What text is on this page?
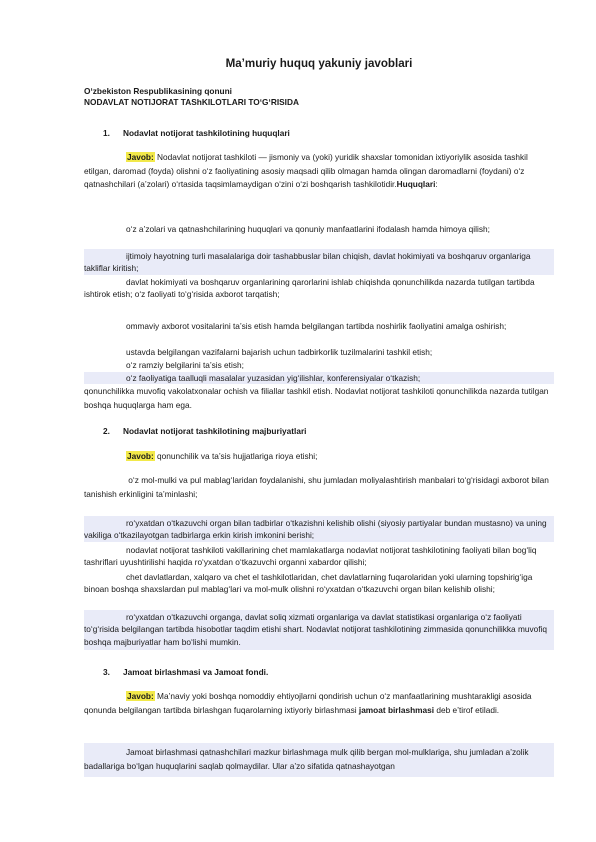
Ma’muriy huquq yakuniy javoblari
O‘zbekiston Respublikasining qonuni
NODAVLAT NOTIJORAT TAShKILOTLARI TO‘G‘RISIDA
1. Nodavlat notijorat tashkilotining huquqlari

Javob: Nodavlat notijorat tashkiloti — jismoniy va (yoki) yuridik shaxslar tomonidan ixtiyoriylik asosida tashkil etilgan, daromad (foyda) olishni o‘z faoliyatining asosiy maqsadi qilib olmagan hamda olingan daromadlarni (foydani) o‘z qatnashchilari (a’zolari) o‘rtasida taqsimlamaydigan o‘zini o‘zi boshqarish tashkilotidir.Huquqlari:

o‘z a’zolari va qatnashchilarining huquqlari va qonuniy manfaatlarini ifodalash hamda himoya qilish;

ijtimoiy hayotning turli masalalariga doir tashabbuslar bilan chiqish, davlat hokimiyati va boshqaruv organlariga takliflar kiritish;

davlat hokimiyati va boshqaruv organlarining qarorlarini ishlab chiqishda qonunchilikda nazarda tutilgan tartibda ishtirok etish; o‘z faoliyati to‘g‘risida axborot tarqatish;

ommaviy axborot vositalarini ta’sis etish hamda belgilangan tartibda noshirlik faoliyatini amalga oshirish;

ustavda belgilangan vazifalarni bajarish uchun tadbirkorlik tuzilmalarini tashkil etish;

o‘z ramziy belgilarini ta’sis etish;

o‘z faoliyatiga taalluqli masalalar yuzasidan yig‘ilishlar, konferensiyalar o‘tkazish;

qonunchilikka muvofiq vakolatxonalar ochish va filiallar tashkil etish. Nodavlat notijorat tashkiloti qonunchilikda nazarda tutilgan boshqa huquqlarga ham ega.

2. Nodavlat notijorat tashkilotining majburiyatlari

Javob: qonunchilik va ta’sis hujjatlariga rioya etishi;

o‘z mol-mulki va pul mablag‘laridan foydalanishi, shu jumladan moliyalashtirish manbalari to‘g‘risidagi axborot bilan tanishish erkinligini ta’minlashi;

ro‘yxatdan o‘tkazuvchi organ bilan tadbirlar o‘tkazishni kelishib olishi (siyosiy partiyalar bundan mustasno) va uning vakiliga o‘tkazilayotgan tadbirlarga erkin kirish imkonini berishi;

nodavlat notijorat tashkiloti vakillarining chet mamlakatlarga nodavlat notijorat tashkilotining faoliyati bilan bog‘liq tashriflari uyushtirilishi haqida ro‘yxatdan o‘tkazuvchi organni xabardor qilishi;

chet davlatlardan, xalqaro va chet el tashkilotlaridan, chet davlatlarning fuqarolaridan yoki ularning topshirig‘iga binoan boshqa shaxslardan pul mablag‘lari va mol-mulk olishni ro‘yxatdan o‘tkazuvchi organ bilan kelishib olishi;

ro‘yxatdan o‘tkazuvchi organga, davlat soliq xizmati organlariga va davlat statistikasi organlariga o‘z faoliyati to‘g‘risida belgilangan tartibda hisobotlar taqdim etishi shart. Nodavlat notijorat tashkilotining zimmasida qonunchilikka muvofiq boshqa majburiyatlar ham bo‘lishi mumkin.

3. Jamoat birlashmasi va Jamoat fondi.

Javob: Ma’naviy yoki boshqa nomoddiy ehtiyojlarni qondirish uchun o‘z manfaatlarining mushtarakligi asosida qonunda belgilangan tartibda birlashgan fuqarolarning ixtiyoriy birlashmasi jamoat birlashmasi deb e’tirof etiladi.

Jamoat birlashmasi qatnashchilari mazkur birlashmaga mulk qilib bergan mol-mulklariga, shu jumladan a’zolik badallariga bo‘lgan huquqlarini saqlab qolmaydilar. Ular a’zo sifatida qatnashayotgan
